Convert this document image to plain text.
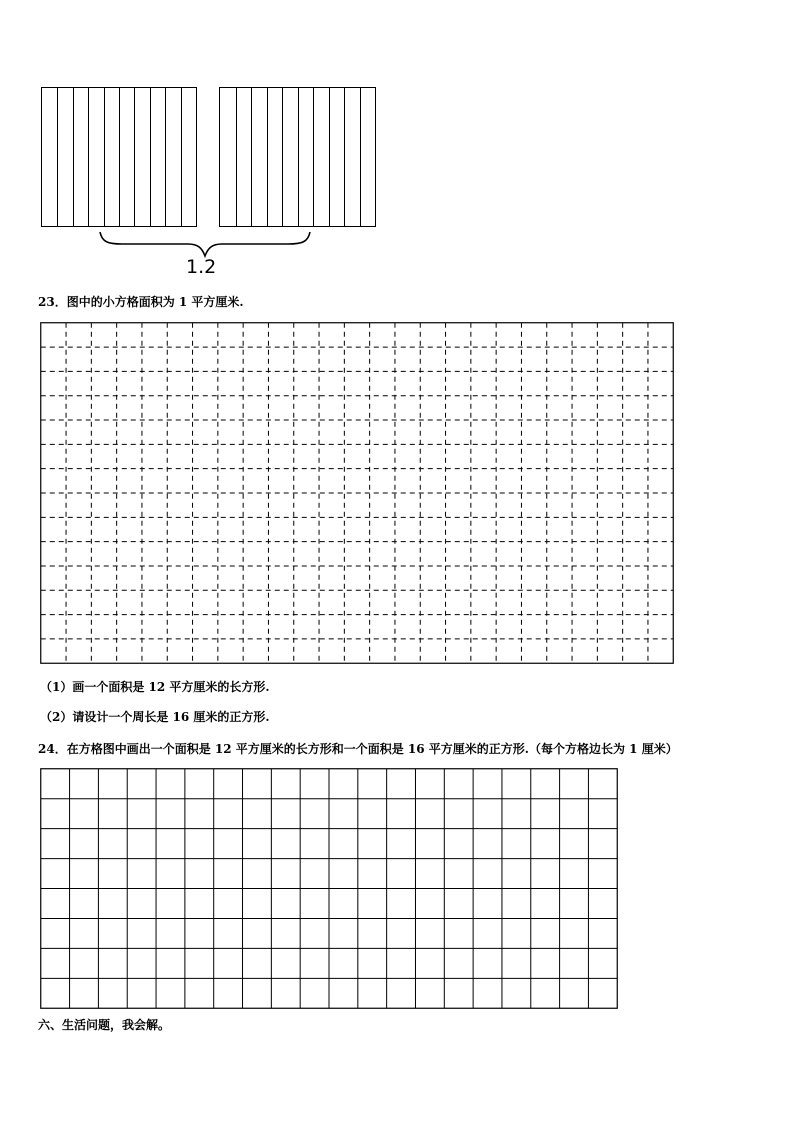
1.2
23．图中的小方格面积为 1 平方厘米.
（1）画一个面积是 12 平方厘米的长方形.
（2）请设计一个周长是 16 厘米的正方形.
24．在方格图中画出一个面积是 12 平方厘米的长方形和一个面积是 16 平方厘米的正方形.（每个方格边长为 1 厘米）
六、生活问题，我会解。
